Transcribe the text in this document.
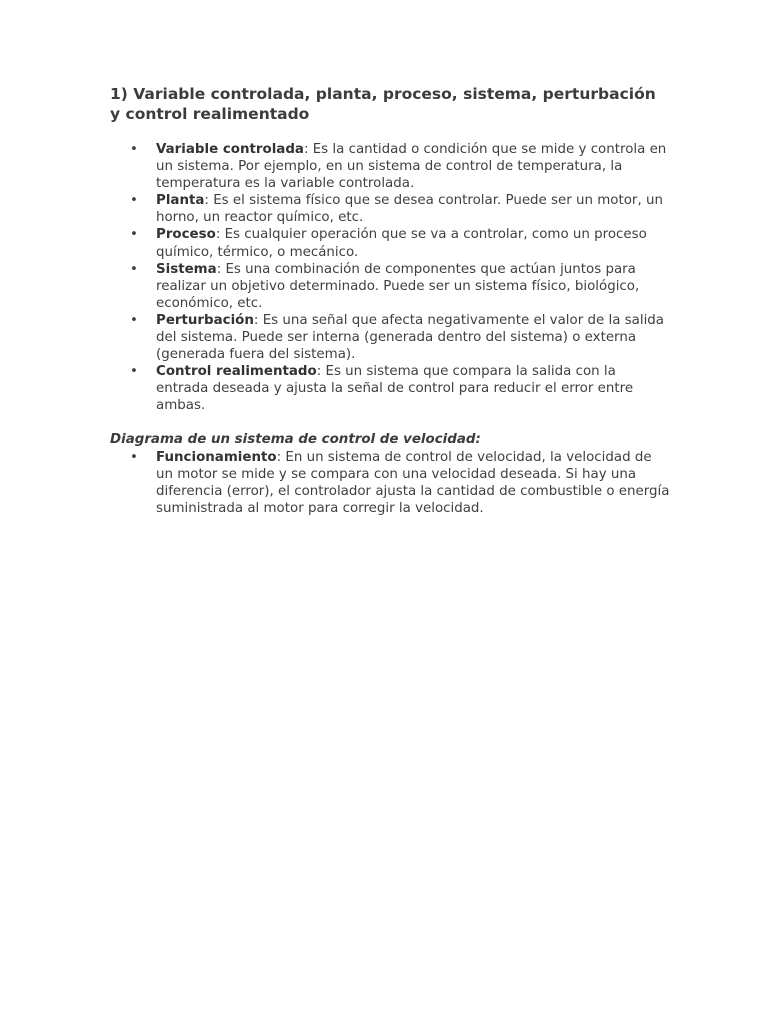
1) Variable controlada, planta, proceso, sistema, perturbación y control realimentado
• Variable controlada: Es la cantidad o condición que se mide y controla en un sistema. Por ejemplo, en un sistema de control de temperatura, la temperatura es la variable controlada.
• Planta: Es el sistema físico que se desea controlar. Puede ser un motor, un horno, un reactor químico, etc.
• Proceso: Es cualquier operación que se va a controlar, como un proceso químico, térmico, o mecánico.
• Sistema: Es una combinación de componentes que actúan juntos para realizar un objetivo determinado. Puede ser un sistema físico, biológico, económico, etc.
• Perturbación: Es una señal que afecta negativamente el valor de la salida del sistema. Puede ser interna (generada dentro del sistema) o externa (generada fuera del sistema).
• Control realimentado: Es un sistema que compara la salida con la entrada deseada y ajusta la señal de control para reducir el error entre ambas.

Diagrama de un sistema de control de velocidad:

• Funcionamiento: En un sistema de control de velocidad, la velocidad de un motor se mide y se compara con una velocidad deseada. Si hay una diferencia (error), el controlador ajusta la cantidad de combustible o energía suministrada al motor para corregir la velocidad.
